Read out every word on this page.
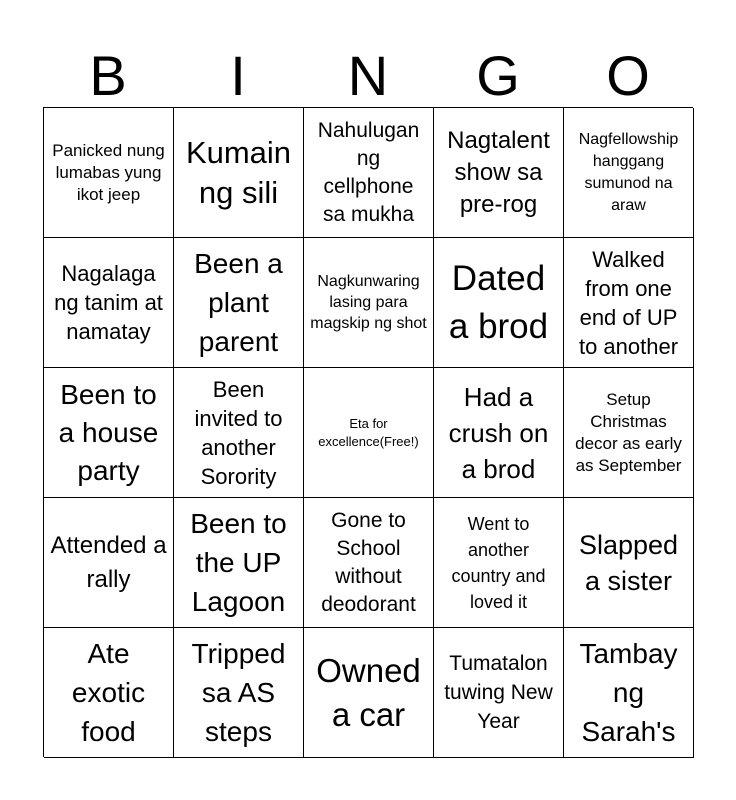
B	I	N	G	O
Panicked nung lumabas yung ikot jeep
Kumain ng sili
Nahulugan ng cellphone sa mukha
Nagtalent show sa pre-rog
Nagfellowship hanggang sumunod na araw
Nagalaga ng tanim at namatay
Been a plant parent
Nagkunwaring lasing para magskip ng shot
Dated a brod
Walked from one end of UP to another
Been to a house party
Been invited to another Sorority
Eta for excellence(Free!)
Had a crush on a brod
Setup Christmas decor as early as September
Attended a rally
Been to the UP Lagoon
Gone to School without deodorant
Went to another country and loved it
Slapped a sister
Ate exotic food
Tripped sa AS steps
Owned a car
Tumatalon tuwing New Year
Tambay ng Sarah's
